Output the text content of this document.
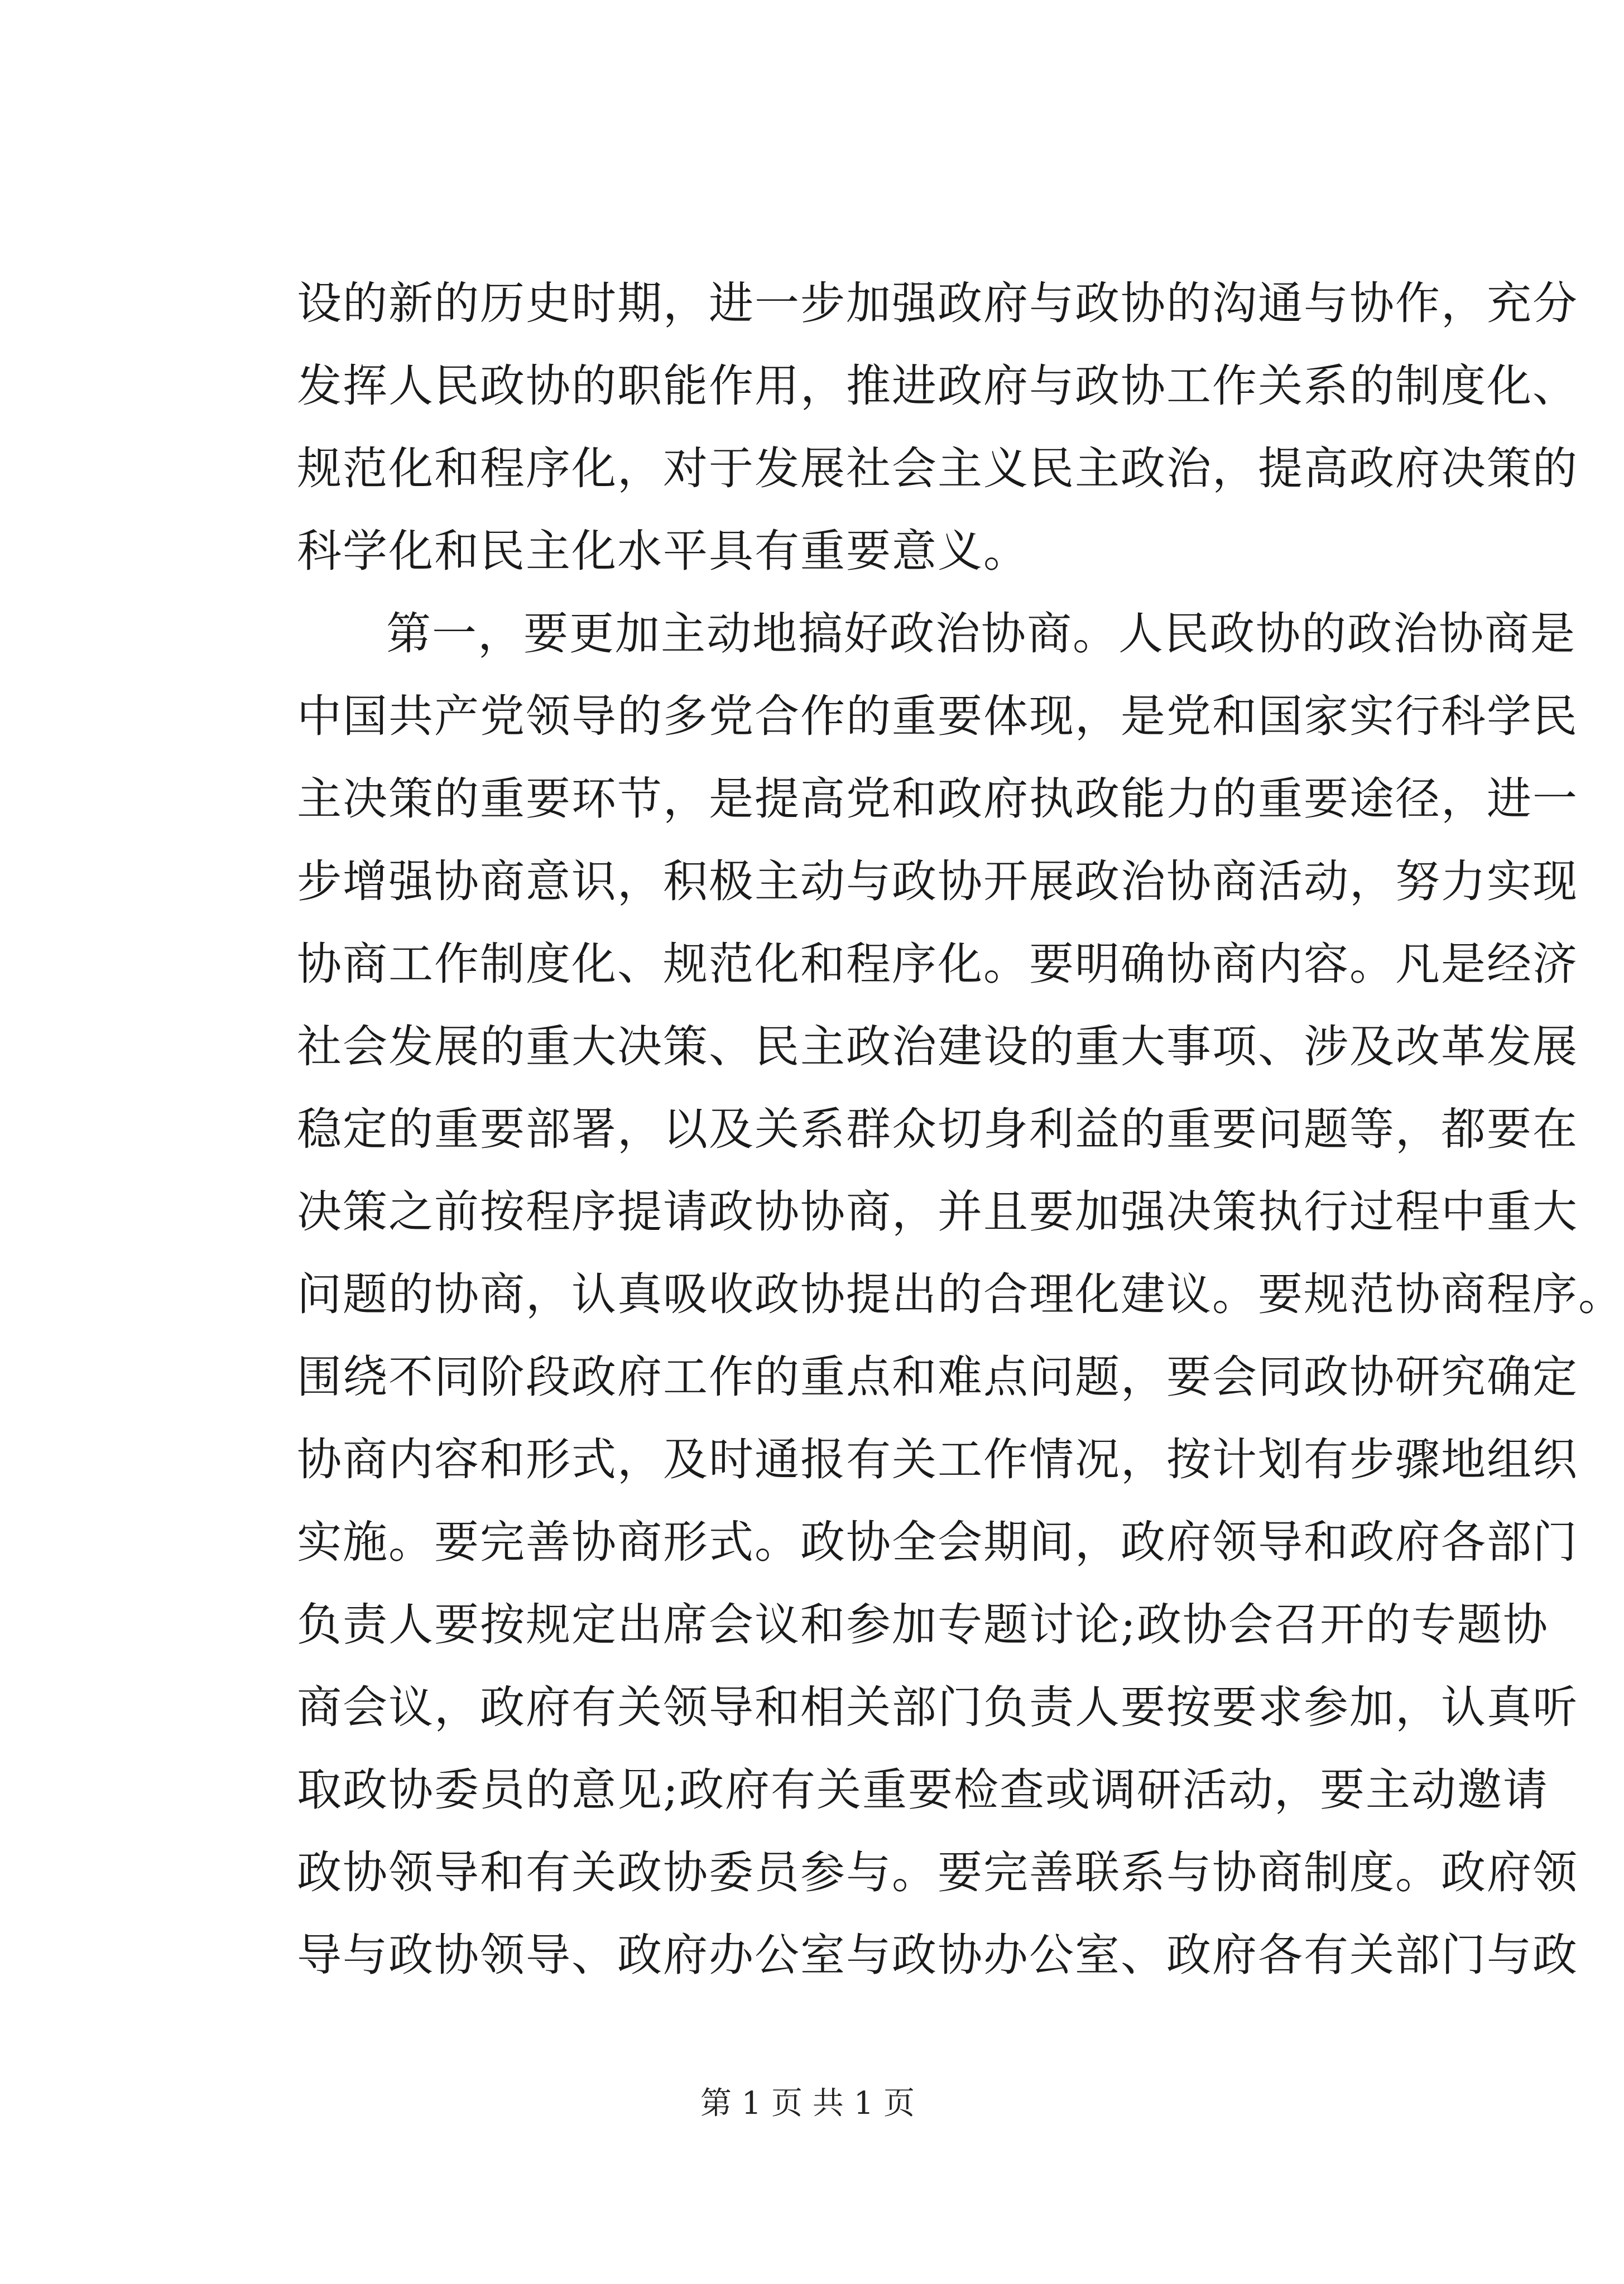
设的新的历史时期，进一步加强政府与政协的沟通与协作，充分
发挥人民政协的职能作用，推进政府与政协工作关系的制度化、
规范化和程序化，对于发展社会主义民主政治，提高政府决策的
科学化和民主化水平具有重要意义。
第一，要更加主动地搞好政治协商。人民政协的政治协商是
中国共产党领导的多党合作的重要体现，是党和国家实行科学民
主决策的重要环节，是提高党和政府执政能力的重要途径，进一
步增强协商意识，积极主动与政协开展政治协商活动，努力实现
协商工作制度化、规范化和程序化。要明确协商内容。凡是经济
社会发展的重大决策、民主政治建设的重大事项、涉及改革发展
稳定的重要部署，以及关系群众切身利益的重要问题等，都要在
决策之前按程序提请政协协商，并且要加强决策执行过程中重大
问题的协商，认真吸收政协提出的合理化建议。要规范协商程序。
围绕不同阶段政府工作的重点和难点问题，要会同政协研究确定
协商内容和形式，及时通报有关工作情况，按计划有步骤地组织
实施。要完善协商形式。政协全会期间，政府领导和政府各部门
负责人要按规定出席会议和参加专题讨论;政协会召开的专题协
商会议，政府有关领导和相关部门负责人要按要求参加，认真听
取政协委员的意见;政府有关重要检查或调研活动，要主动邀请
政协领导和有关政协委员参与。要完善联系与协商制度。政府领
导与政协领导、政府办公室与政协办公室、政府各有关部门与政
第 1 页 共 1 页
